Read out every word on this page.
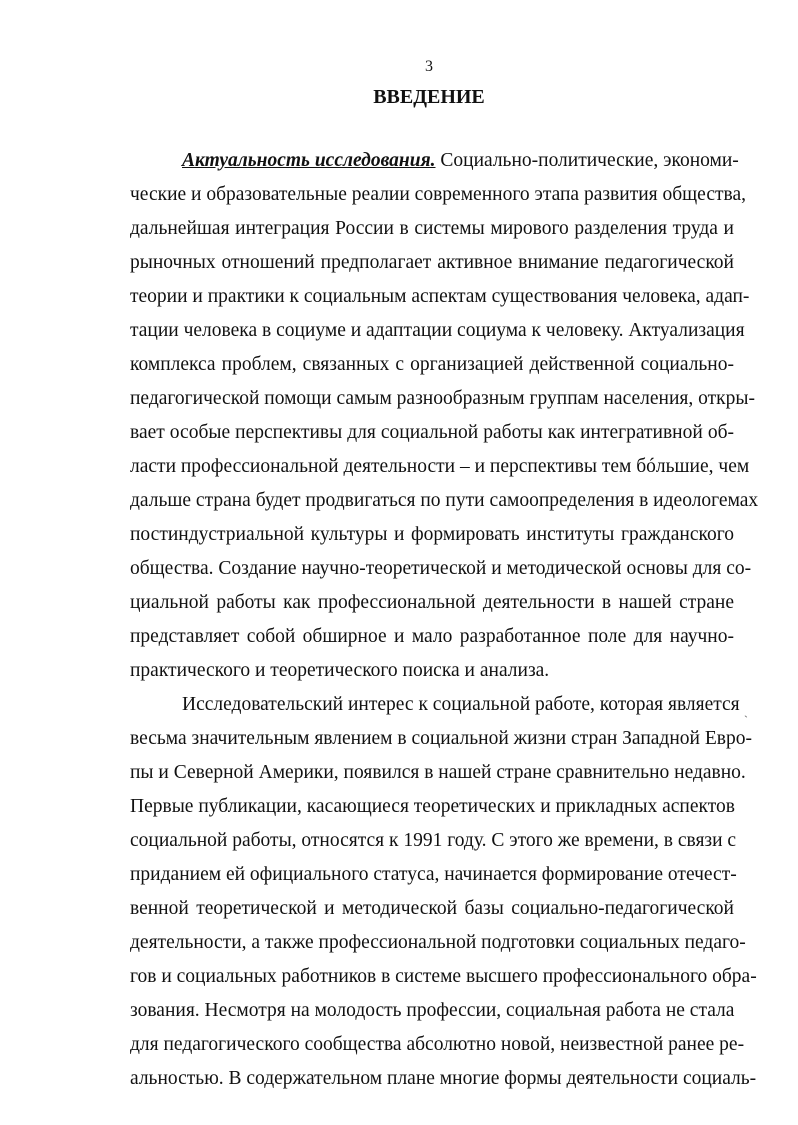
3
ВВЕДЕНИЕ
Актуальность исследования. Социально-политические, экономи-
ческие и образовательные реалии современного этапа развития общества,
дальнейшая интеграция России в системы мирового разделения труда и
рыночных отношений предполагает активное внимание педагогической
теории и практики к социальным аспектам существования человека, адап-
тации человека в социуме и адаптации социума к человеку. Актуализация
комплекса проблем, связанных с организацией действенной социально-
педагогической помощи самым разнообразным группам населения, откры-
вает особые перспективы для социальной работы как интегративной об-
ласти профессиональной деятельности – и перспективы тем бóльшие, чем
дальше страна будет продвигаться по пути самоопределения в идеологемах
постиндустриальной культуры и формировать институты гражданского
общества. Создание научно-теоретической и методической основы для со-
циальной работы как профессиональной деятельности в нашей стране
представляет собой обширное и мало разработанное поле для научно-
практического и теоретического поиска и анализа.
Исследовательский интерес к социальной работе, которая является
весьма значительным явлением в социальной жизни стран Западной Евро-
пы и Северной Америки, появился в нашей стране сравнительно недавно.
Первые публикации, касающиеся теоретических и прикладных аспектов
социальной работы, относятся к 1991 году. С этого же времени, в связи с
приданием ей официального статуса, начинается формирование отечест-
венной теоретической и методической базы социально-педагогической
деятельности, а также профессиональной подготовки социальных педаго-
гов и социальных работников в системе высшего профессионального обра-
зования. Несмотря на молодость профессии, социальная работа не стала
для педагогического сообщества абсолютно новой, неизвестной ранее ре-
альностью. В содержательном плане многие формы деятельности социаль-
ˏ
